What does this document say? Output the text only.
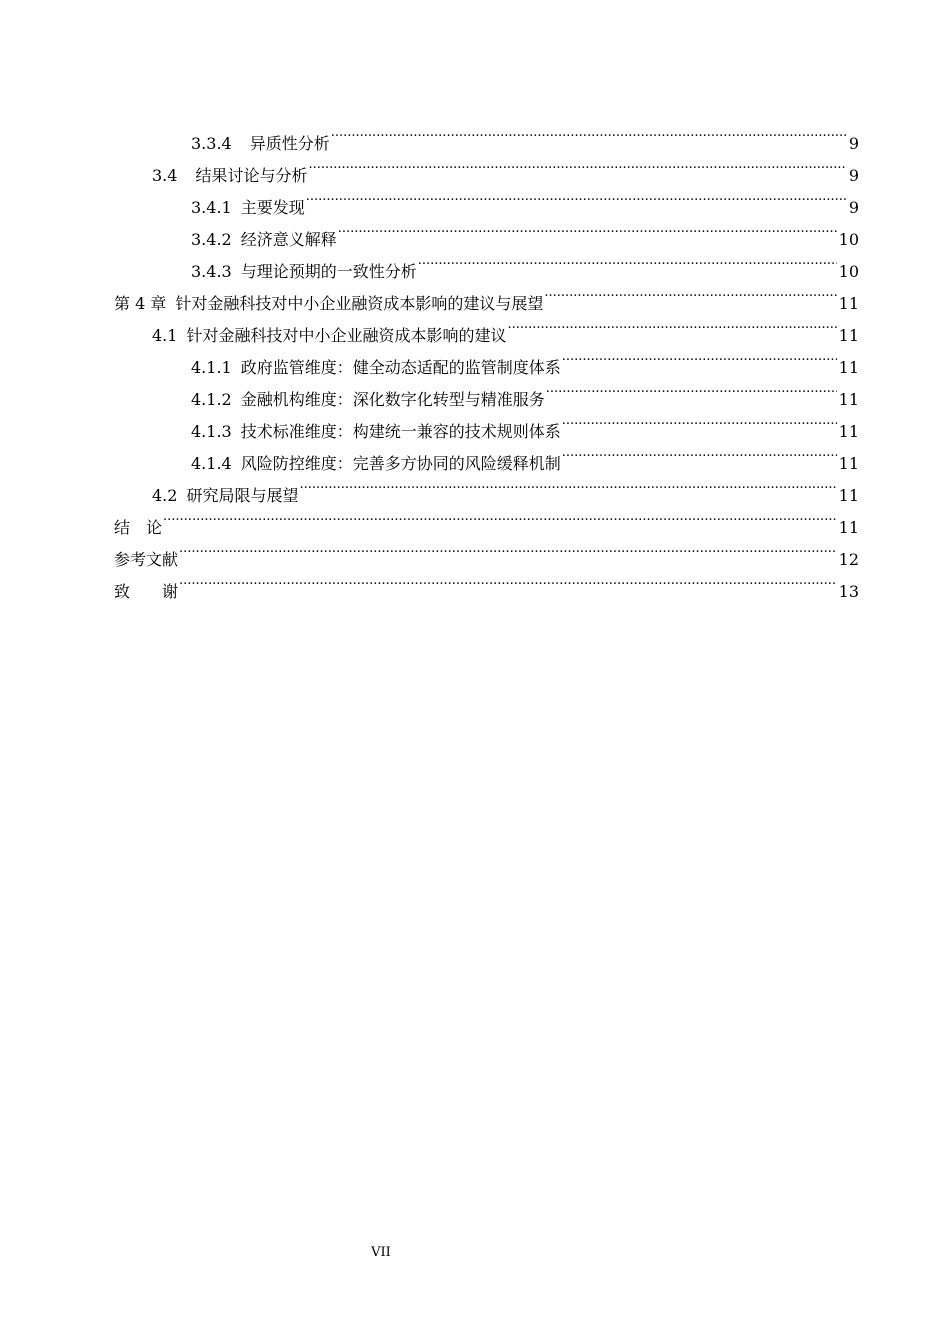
3.3.4 异质性分析 .....	9
3.4 结果讨论与分析 .....	9
3.4.1 主要发现 .....	9
3.4.2 经济意义解释 .....	10
3.4.3 与理论预期的一致性分析 .....	10
第 4 章 针对金融科技对中小企业融资成本影响的建议与展望 .....	11
4.1 针对金融科技对中小企业融资成本影响的建议 .....	11
4.1.1 政府监管维度：健全动态适配的监管制度体系 .....	11
4.1.2 金融机构维度：深化数字化转型与精准服务 .....	11
4.1.3 技术标准维度：构建统一兼容的技术规则体系 .....	11
4.1.4 风险防控维度：完善多方协同的风险缓释机制 .....	11
4.2 研究局限与展望 .....	11
结　论 .....	11
参考文献 .....	12
致　　谢 .....	13
VII
